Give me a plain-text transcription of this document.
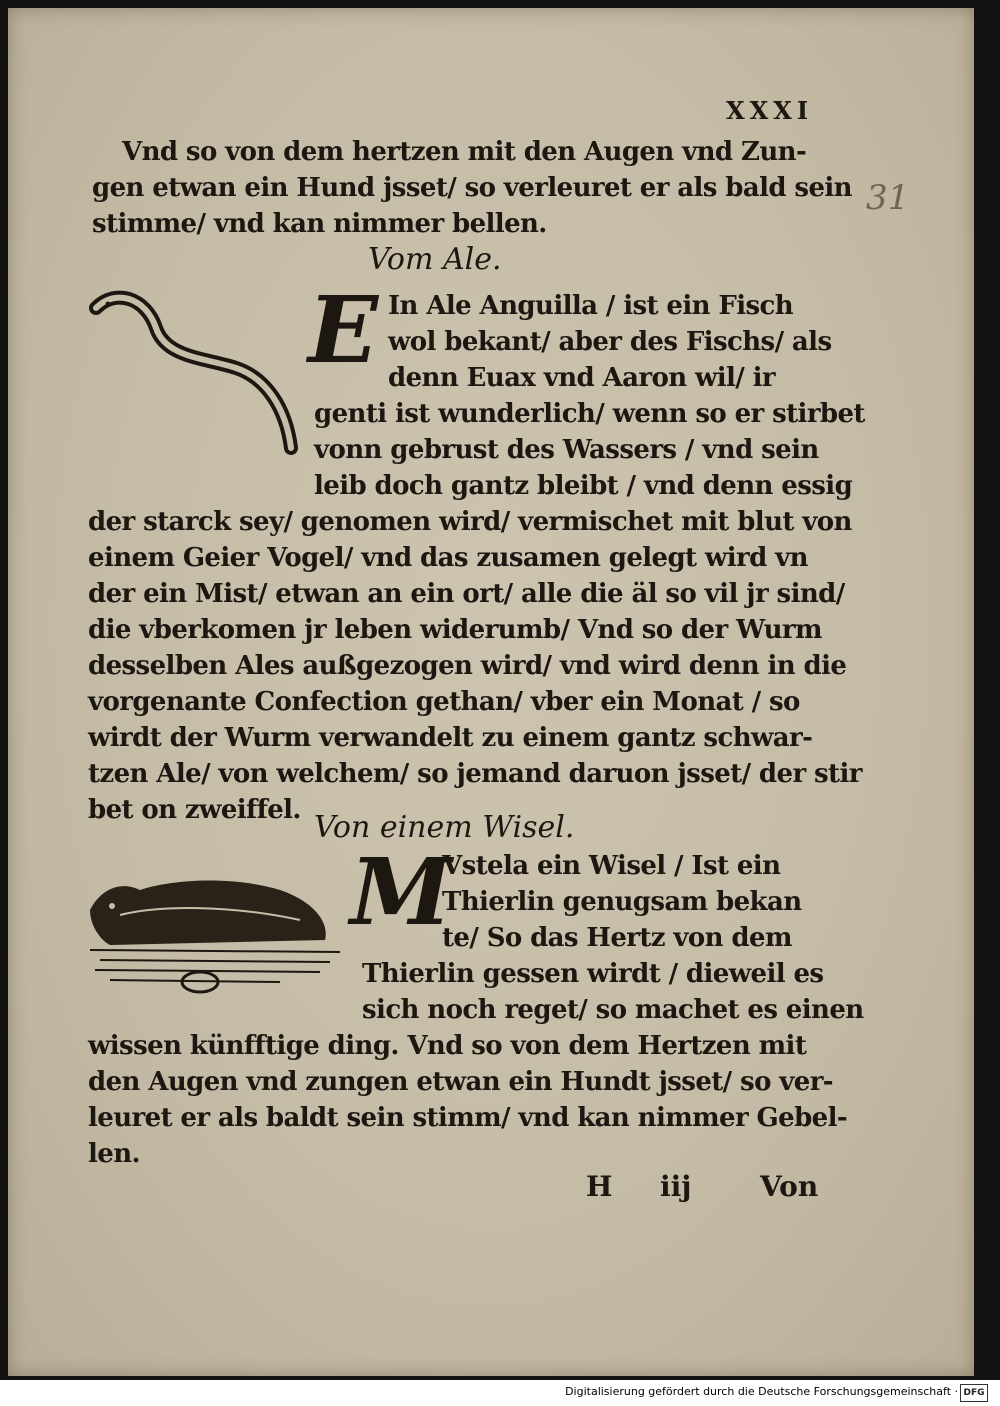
XXXI
31
Vnd so von dem hertzen mit den Augen vnd Zun-
gen etwan ein Hund jsset/ so verleuret er als bald sein
stimme/ vnd kan nimmer bellen.
Vom Ale.
E In Ale Anguilla / ist ein Fisch
wol bekant/ aber des Fischs/ als
denn Euax vnd Aaron wil/ ir
genti ist wunderlich/ wenn so er stirbet
vonn gebrust des Wassers / vnd sein
leib doch gantz bleibt / vnd denn essig
der starck sey/ genomen wird/ vermischet mit blut von
einem Geier Vogel/ vnd das zusamen gelegt wird vn
der ein Mist/ etwan an ein ort/ alle die äl so vil jr sind/
die vberkomen jr leben widerumb/ Vnd so der Wurm
desselben Ales außgezogen wird/ vnd wird denn in die
vorgenante Confection gethan/ vber ein Monat / so
wirdt der Wurm verwandelt zu einem gantz schwar-
tzen Ale/ von welchem/ so jemand daruon jsset/ der stir
bet on zweiffel. Von einem Wisel.
M
Vstela ein Wisel / Ist ein
Thierlin genugsam bekan
te/ So das Hertz von dem
Thierlin gessen wirdt / dieweil es
sich noch reget/ so machet es einen
wissen künfftige ding. Vnd so von dem Hertzen mit
den Augen vnd zungen etwan ein Hundt jsset/ so ver-
leuret er als baldt sein stimm/ vnd kan nimmer Gebel-
len.
H iij Von
Digitalisierung gefördert durch die Deutsche Forschungsgemeinschaft · DFG
